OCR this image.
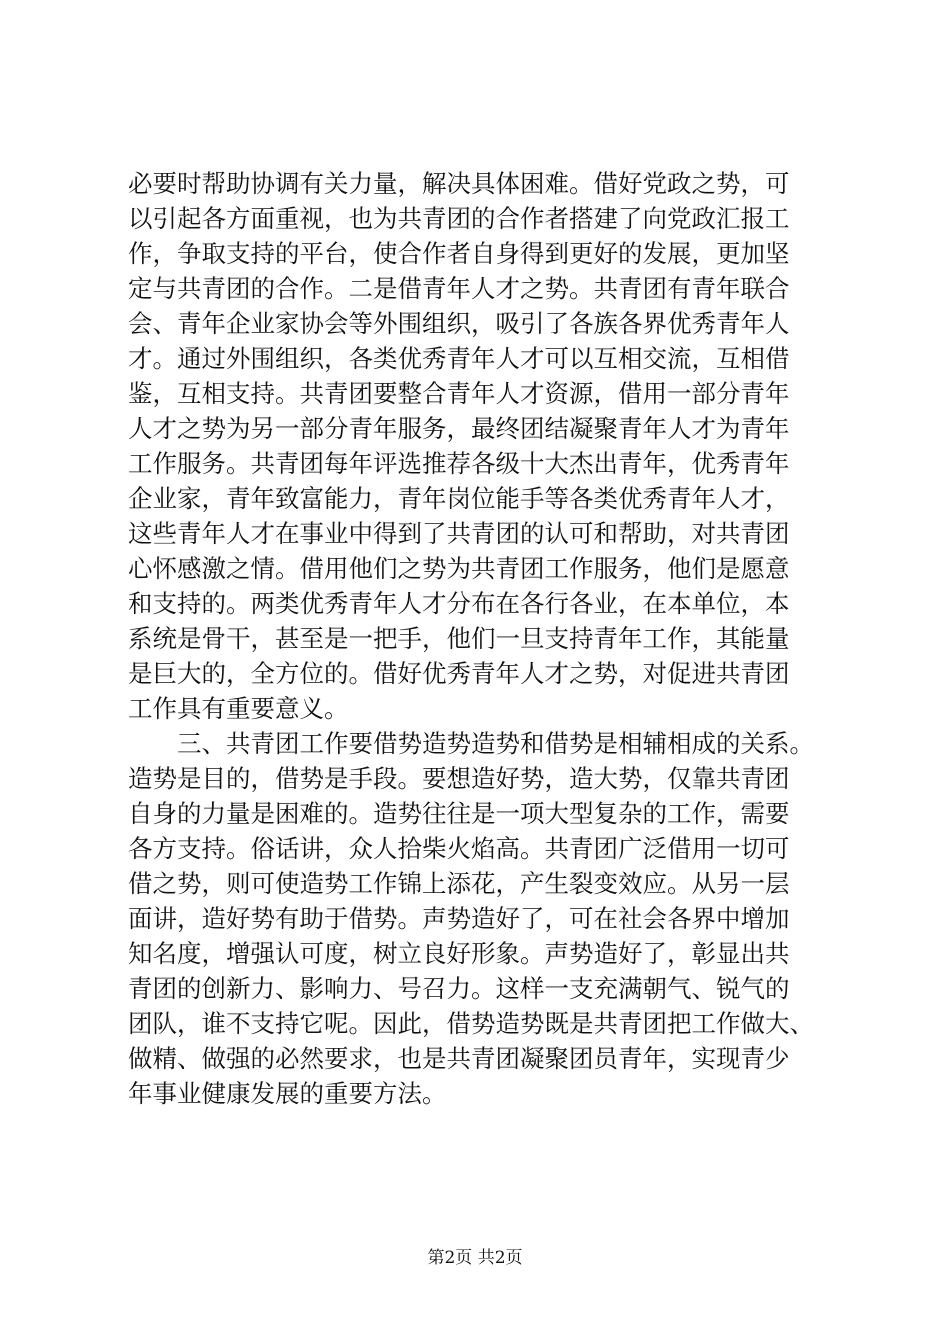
必要时帮助协调有关力量，解决具体困难。借好党政之势，可
以引起各方面重视，也为共青团的合作者搭建了向党政汇报工
作，争取支持的平台，使合作者自身得到更好的发展，更加坚
定与共青团的合作。二是借青年人才之势。共青团有青年联合
会、青年企业家协会等外围组织，吸引了各族各界优秀青年人
才。通过外围组织，各类优秀青年人才可以互相交流，互相借
鉴，互相支持。共青团要整合青年人才资源，借用一部分青年
人才之势为另一部分青年服务，最终团结凝聚青年人才为青年
工作服务。共青团每年评选推荐各级十大杰出青年，优秀青年
企业家，青年致富能力，青年岗位能手等各类优秀青年人才，
这些青年人才在事业中得到了共青团的认可和帮助，对共青团
心怀感激之情。借用他们之势为共青团工作服务，他们是愿意
和支持的。两类优秀青年人才分布在各行各业，在本单位，本
系统是骨干，甚至是一把手，他们一旦支持青年工作，其能量
是巨大的，全方位的。借好优秀青年人才之势，对促进共青团
工作具有重要意义。
三、共青团工作要借势造势造势和借势是相辅相成的关系。
造势是目的，借势是手段。要想造好势，造大势，仅靠共青团
自身的力量是困难的。造势往往是一项大型复杂的工作，需要
各方支持。俗话讲，众人拾柴火焰高。共青团广泛借用一切可
借之势，则可使造势工作锦上添花，产生裂变效应。从另一层
面讲，造好势有助于借势。声势造好了，可在社会各界中增加
知名度，增强认可度，树立良好形象。声势造好了，彰显出共
青团的创新力、影响力、号召力。这样一支充满朝气、锐气的
团队，谁不支持它呢。因此，借势造势既是共青团把工作做大、
做精、做强的必然要求，也是共青团凝聚团员青年，实现青少
年事业健康发展的重要方法。
第2页 共2页
